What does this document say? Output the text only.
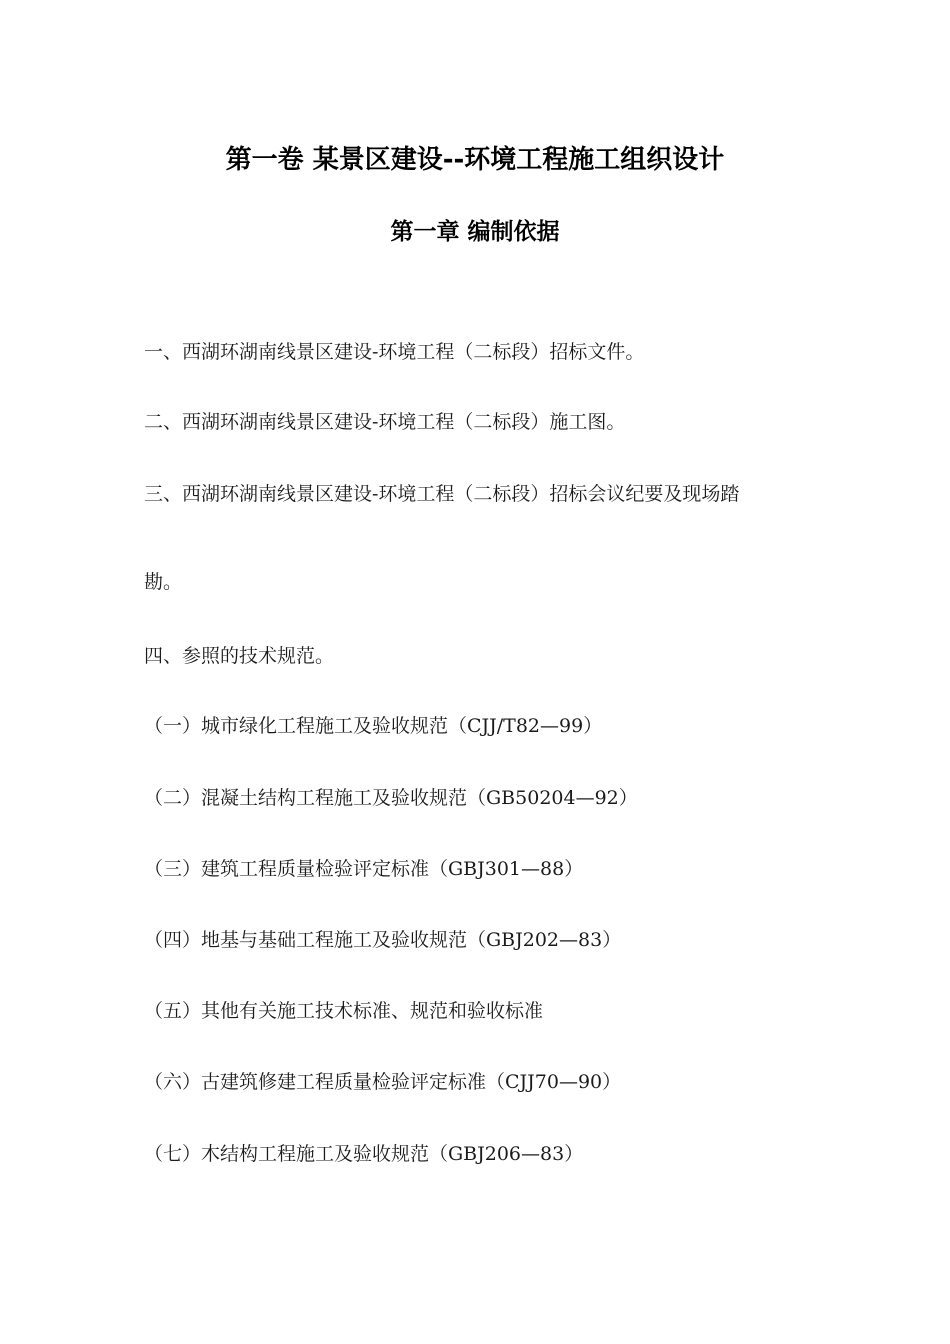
第一卷 某景区建设--环境工程施工组织设计
第一章 编制依据

一、西湖环湖南线景区建设-环境工程（二标段）招标文件。

二、西湖环湖南线景区建设-环境工程（二标段）施工图。

三、西湖环湖南线景区建设-环境工程（二标段）招标会议纪要及现场踏

勘。

四、参照的技术规范。

（一）城市绿化工程施工及验收规范（CJJ/T82—99）

（二）混凝土结构工程施工及验收规范（GB50204—92）

（三）建筑工程质量检验评定标准（GBJ301—88）

（四）地基与基础工程施工及验收规范（GBJ202—83）

（五）其他有关施工技术标准、规范和验收标准

（六）古建筑修建工程质量检验评定标准（CJJ70—90）

（七）木结构工程施工及验收规范（GBJ206—83）
